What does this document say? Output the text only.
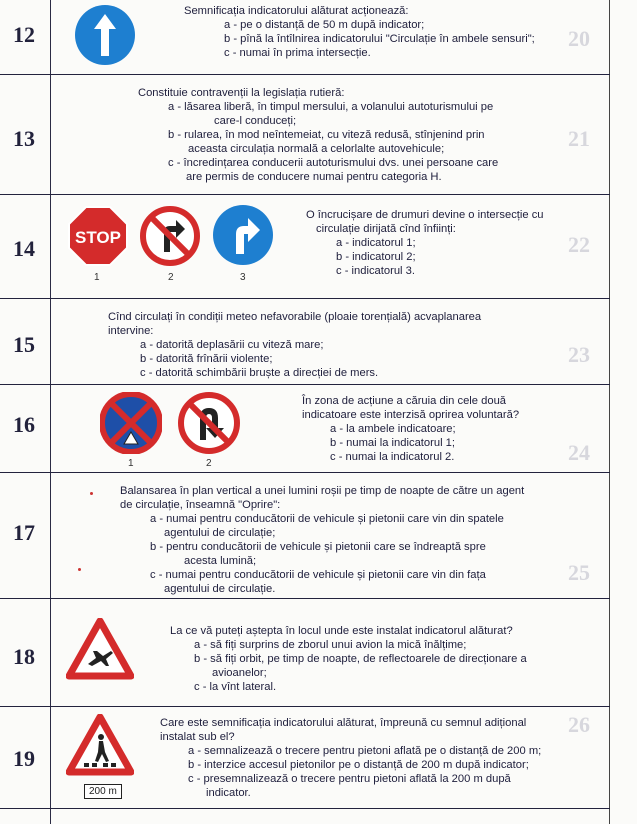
20
21
22
23
24
25
26
12
Semnificația indicatorului alăturat acționează:
a - pe o distanță de 50 m după indicator;
b - pînă la întîlnirea indicatorului "Circulație în ambele sensuri";
c - numai în prima intersecție.
13
Constituie contravenții la legislația rutieră:
a - lăsarea liberă, în timpul mersului, a volanului autoturismului pe
care-l conduceți;
b - rularea, în mod neîntemeiat, cu viteză redusă, stînjenind prin
aceasta circulația normală a celorlalte autovehicule;
c - încredințarea conducerii autoturismului dvs. unei persoane care
are permis de conducere numai pentru categoria H.
14	STOP
1	2	3
O încrucișare de drumuri devine o intersecție cu
circulație dirijată cînd înființi:
a - indicatorul 1;
b - indicatorul 2;
c - indicatorul 3.
15
Cînd circulați în condiții meteo nefavorabile (ploaie torențială) acvaplanarea
intervine:
a - datorită deplasării cu viteză mare;
b - datorită frînării violente;
c - datorită schimbării bruște a direcției de mers.
16
1	2
În zona de acțiune a căruia din cele două
indicatoare este interzisă oprirea voluntară?
a - la ambele indicatoare;
b - numai la indicatorul 1;
c - numai la indicatorul 2.
17
Balansarea în plan vertical a unei lumini roșii pe timp de noapte de către un agent
de circulație, înseamnă "Oprire":
a - numai pentru conducătorii de vehicule și pietonii care vin din spatele
agentului de circulație;
b - pentru conducătorii de vehicule și pietonii care se îndreaptă spre
acesta lumină;
c - numai pentru conducătorii de vehicule și pietonii care vin din fața
agentului de circulație.
18
La ce vă puteți aștepta în locul unde este instalat indicatorul alăturat?
a - să fiți surprins de zborul unui avion la mică înălțime;
b - să fiți orbit, pe timp de noapte, de reflectoarele de direcționare a
avioanelor;
c - la vînt lateral.
19
200 m
Care este semnificația indicatorului alăturat, împreună cu semnul adițional
instalat sub el?
a - semnalizează o trecere pentru pietoni aflată pe o distanță de 200 m;
b - interzice accesul pietonilor pe o distanță de 200 m după indicator;
c - presemnalizează o trecere pentru pietoni aflată la 200 m după
indicator.
